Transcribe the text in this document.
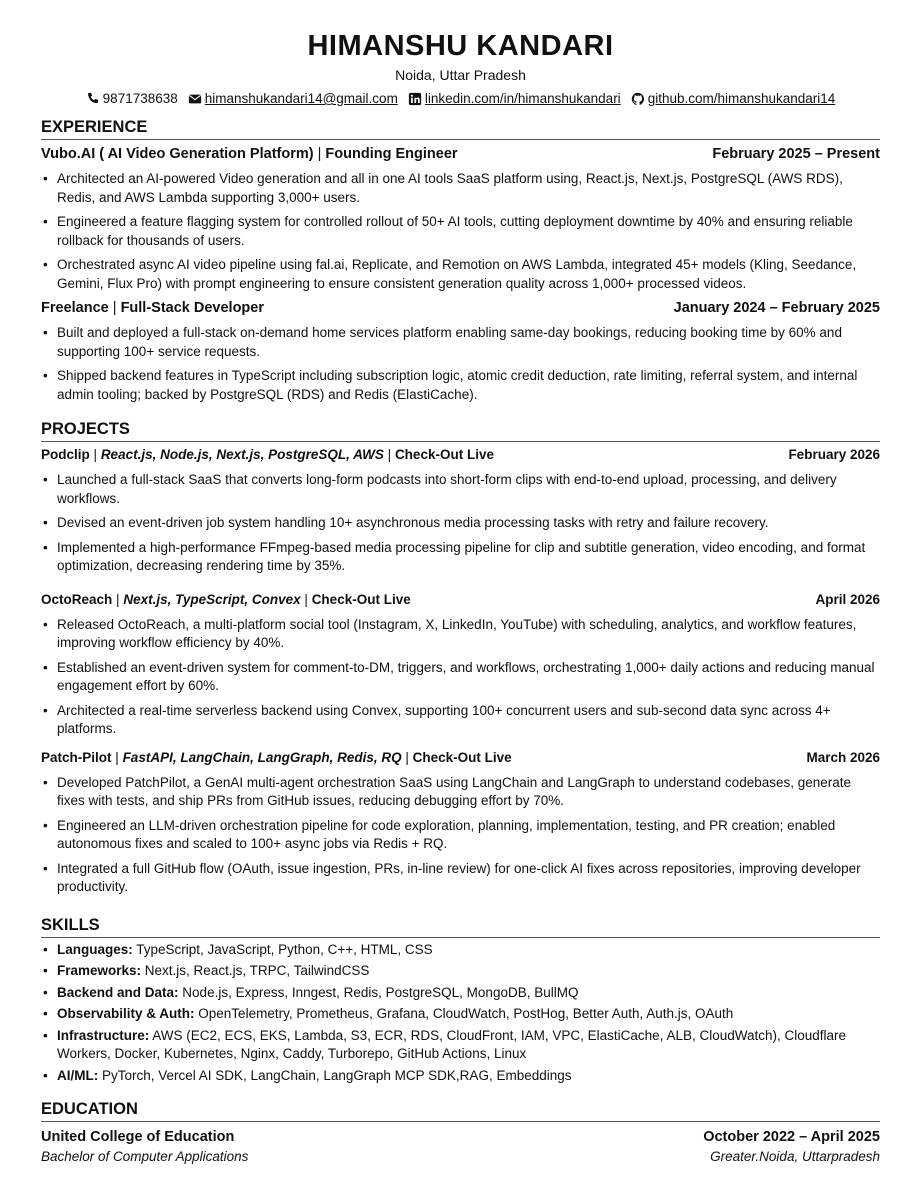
HIMANSHU KANDARI
Noida, Uttar Pradesh
9871738638 himanshukandari14@gmail.com linkedin.com/in/himanshukandari github.com/himanshukandari14
EXPERIENCE
Vubo.AI ( AI Video Generation Platform) | Founding Engineer	February 2025 – Present
• Architected an AI-powered Video generation and all in one AI tools SaaS platform using, React.js, Next.js, PostgreSQL (AWS RDS), Redis, and AWS Lambda supporting 3,000+ users.
• Engineered a feature flagging system for controlled rollout of 50+ AI tools, cutting deployment downtime by 40% and ensuring reliable rollback for thousands of users.
• Orchestrated async AI video pipeline using fal.ai, Replicate, and Remotion on AWS Lambda, integrated 45+ models (Kling, Seedance, Gemini, Flux Pro) with prompt engineering to ensure consistent generation quality across 1,000+ processed videos.
Freelance | Full-Stack Developer	January 2024 – February 2025
• Built and deployed a full-stack on-demand home services platform enabling same-day bookings, reducing booking time by 60% and supporting 100+ service requests.
• Shipped backend features in TypeScript including subscription logic, atomic credit deduction, rate limiting, referral system, and internal admin tooling; backed by PostgreSQL (RDS) and Redis (ElastiCache).
PROJECTS
Podclip | React.js, Node.js, Next.js, PostgreSQL, AWS | Check-Out Live	February 2026
• Launched a full-stack SaaS that converts long-form podcasts into short-form clips with end-to-end upload, processing, and delivery workflows.
• Devised an event-driven job system handling 10+ asynchronous media processing tasks with retry and failure recovery.
• Implemented a high-performance FFmpeg-based media processing pipeline for clip and subtitle generation, video encoding, and format optimization, decreasing rendering time by 35%.
OctoReach | Next.js, TypeScript, Convex | Check-Out Live	April 2026
• Released OctoReach, a multi-platform social tool (Instagram, X, LinkedIn, YouTube) with scheduling, analytics, and workflow features, improving workflow efficiency by 40%.
• Established an event-driven system for comment-to-DM, triggers, and workflows, orchestrating 1,000+ daily actions and reducing manual engagement effort by 60%.
• Architected a real-time serverless backend using Convex, supporting 100+ concurrent users and sub-second data sync across 4+ platforms.
Patch-Pilot | FastAPI, LangChain, LangGraph, Redis, RQ | Check-Out Live	March 2026
• Developed PatchPilot, a GenAI multi-agent orchestration SaaS using LangChain and LangGraph to understand codebases, generate fixes with tests, and ship PRs from GitHub issues, reducing debugging effort by 70%.
• Engineered an LLM-driven orchestration pipeline for code exploration, planning, implementation, testing, and PR creation; enabled autonomous fixes and scaled to 100+ async jobs via Redis + RQ.
• Integrated a full GitHub flow (OAuth, issue ingestion, PRs, in-line review) for one-click AI fixes across repositories, improving developer productivity.
SKILLS
• Languages: TypeScript, JavaScript, Python, C++, HTML, CSS
• Frameworks: Next.js, React.js, TRPC, TailwindCSS
• Backend and Data: Node.js, Express, Inngest, Redis, PostgreSQL, MongoDB, BullMQ
• Observability & Auth: OpenTelemetry, Prometheus, Grafana, CloudWatch, PostHog, Better Auth, Auth.js, OAuth
• Infrastructure: AWS (EC2, ECS, EKS, Lambda, S3, ECR, RDS, CloudFront, IAM, VPC, ElastiCache, ALB, CloudWatch), Cloudflare Workers, Docker, Kubernetes, Nginx, Caddy, Turborepo, GitHub Actions, Linux
• AI/ML: PyTorch, Vercel AI SDK, LangChain, LangGraph MCP SDK,RAG, Embeddings
EDUCATION
United College of Education	October 2022 – April 2025
Bachelor of Computer Applications	Greater.Noida, Uttarpradesh
